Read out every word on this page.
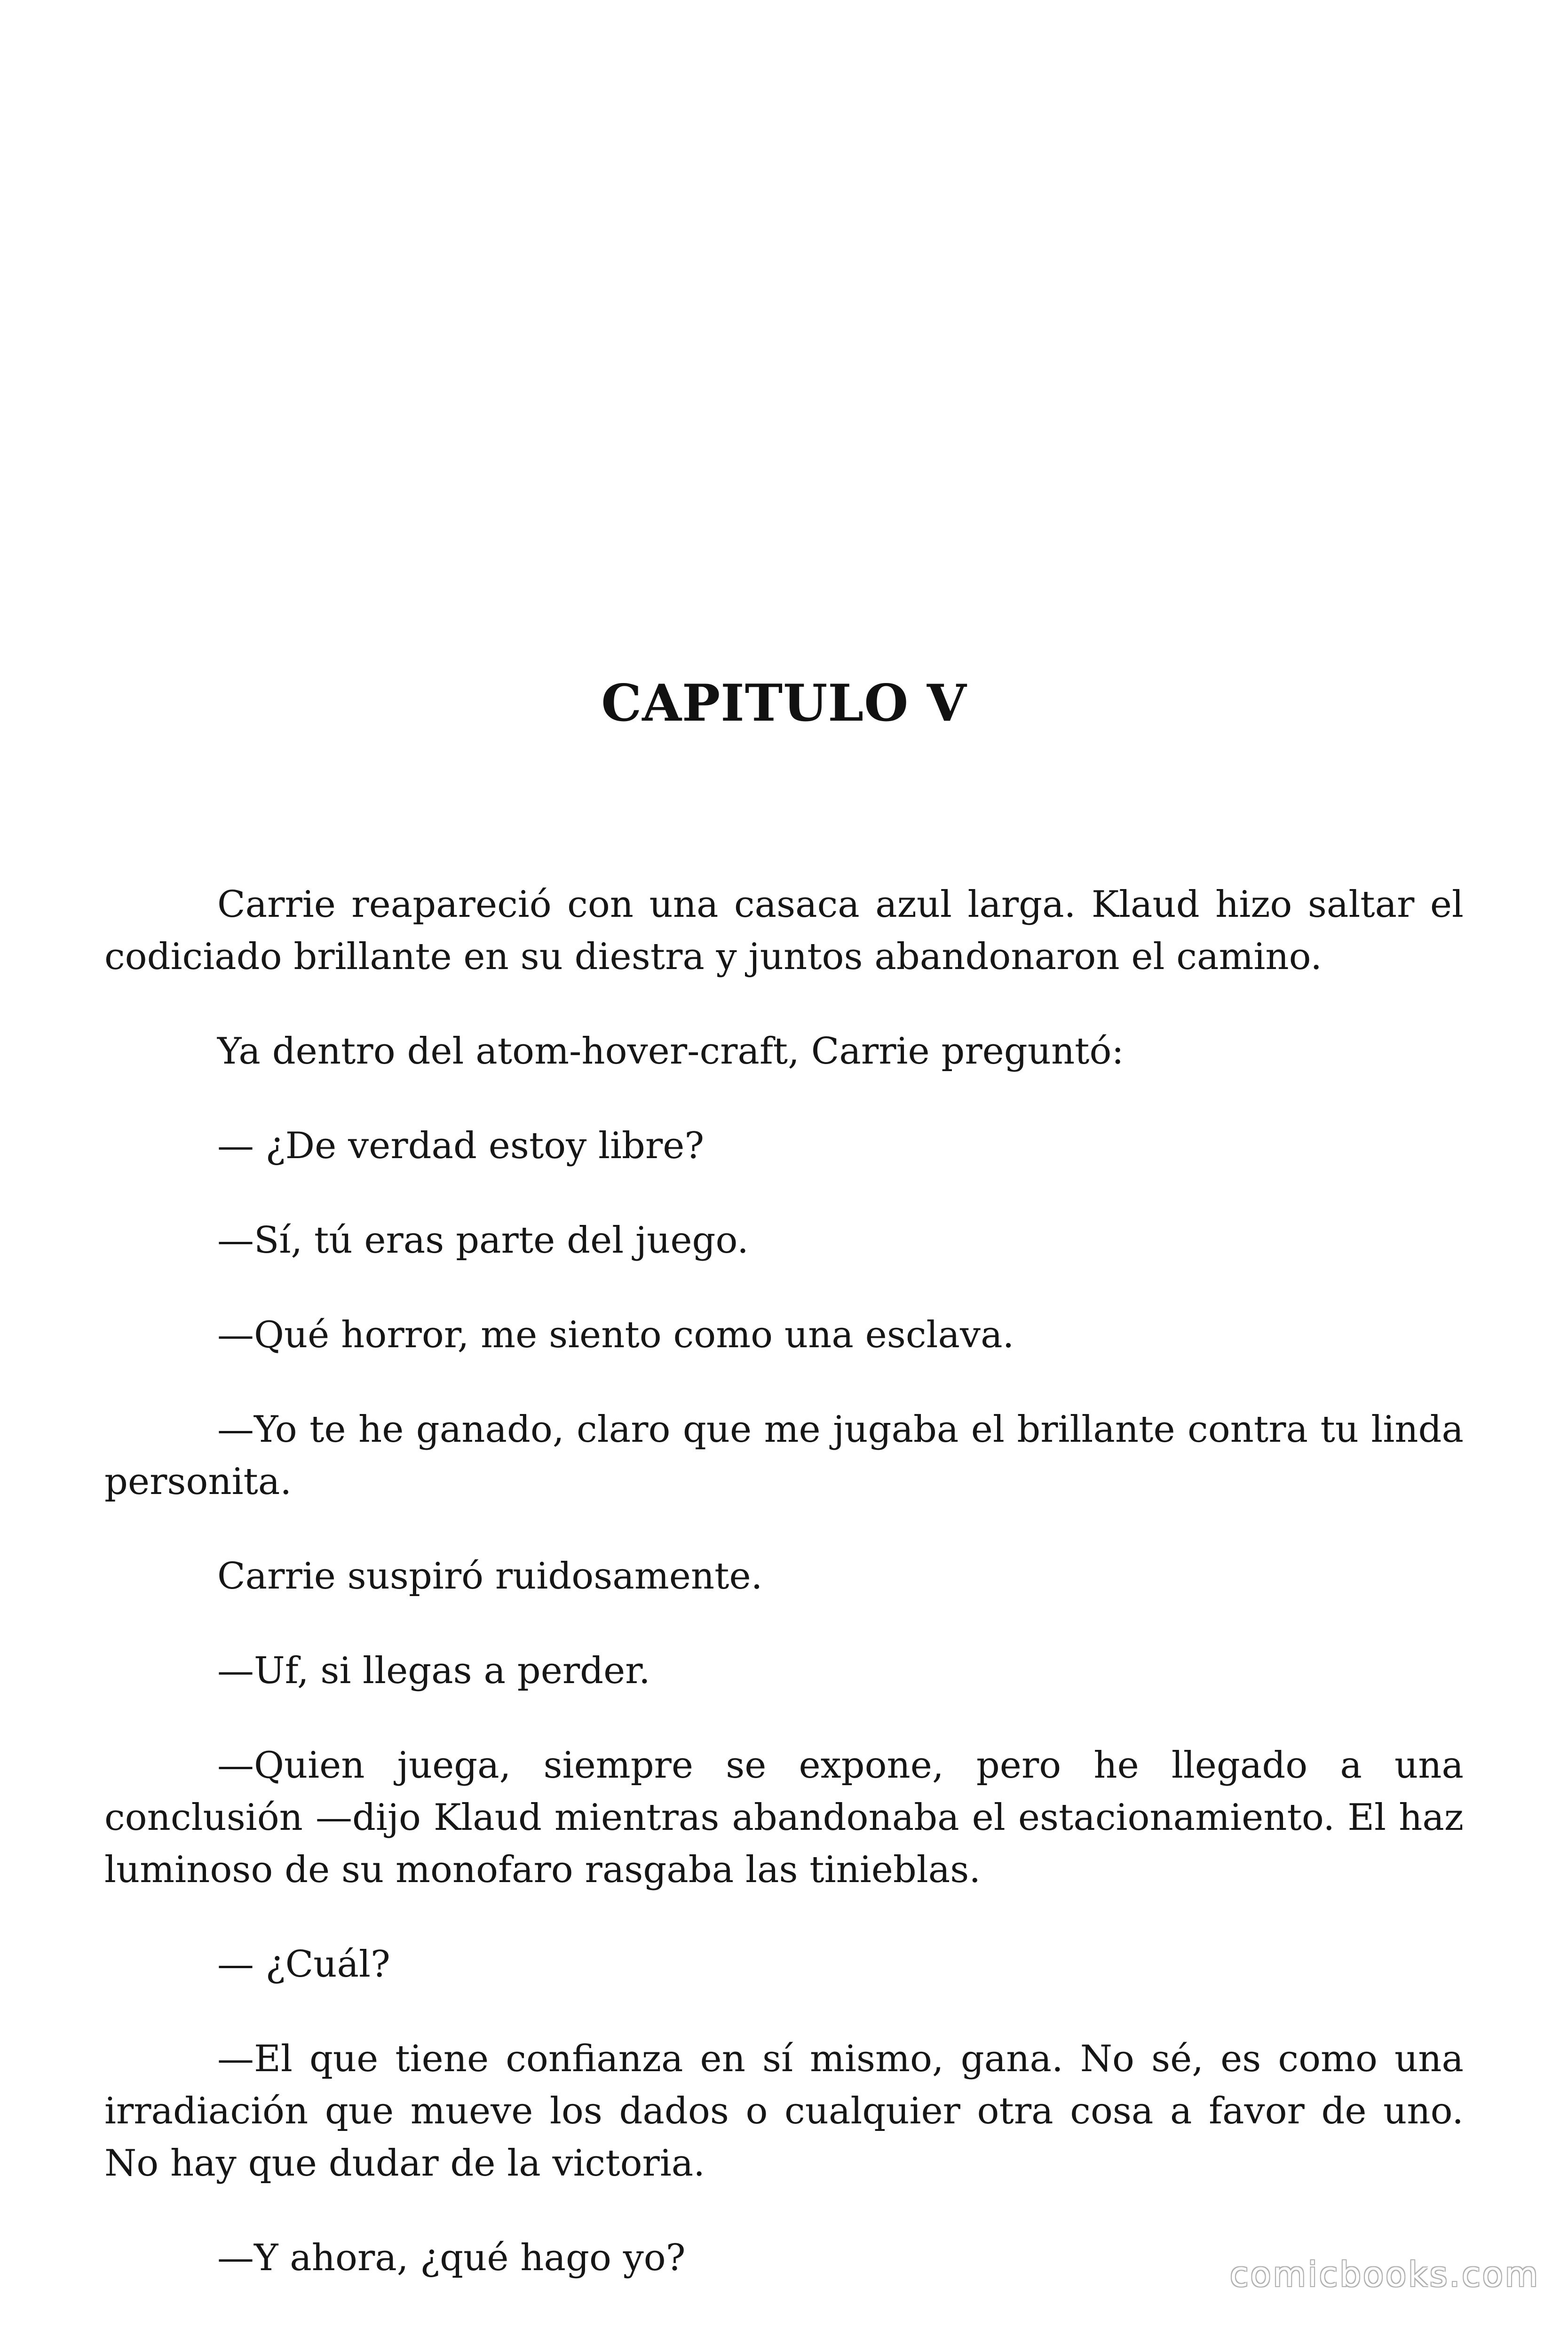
CAPITULO V

Carrie reapareció con una casaca azul larga. Klaud hizo saltar el codiciado brillante en su diestra y juntos abandonaron el camino.

Ya dentro del atom-hover-craft, Carrie preguntó:

— ¿De verdad estoy libre?

—Sí, tú eras parte del juego.

—Qué horror, me siento como una esclava.

—Yo te he ganado, claro que me jugaba el brillante contra tu linda personita.

Carrie suspiró ruidosamente.

—Uf, si llegas a perder.

—Quien juega, siempre se expone, pero he llegado a una conclusión —dijo Klaud mientras abandonaba el estacionamiento. El haz luminoso de su monofaro rasgaba las tinieblas.

— ¿Cuál?

—El que tiene confianza en sí mismo, gana. No sé, es como una irradiación que mueve los dados o cualquier otra cosa a favor de uno. No hay que dudar de la victoria.

—Y ahora, ¿qué hago yo?	comicbooks.com
